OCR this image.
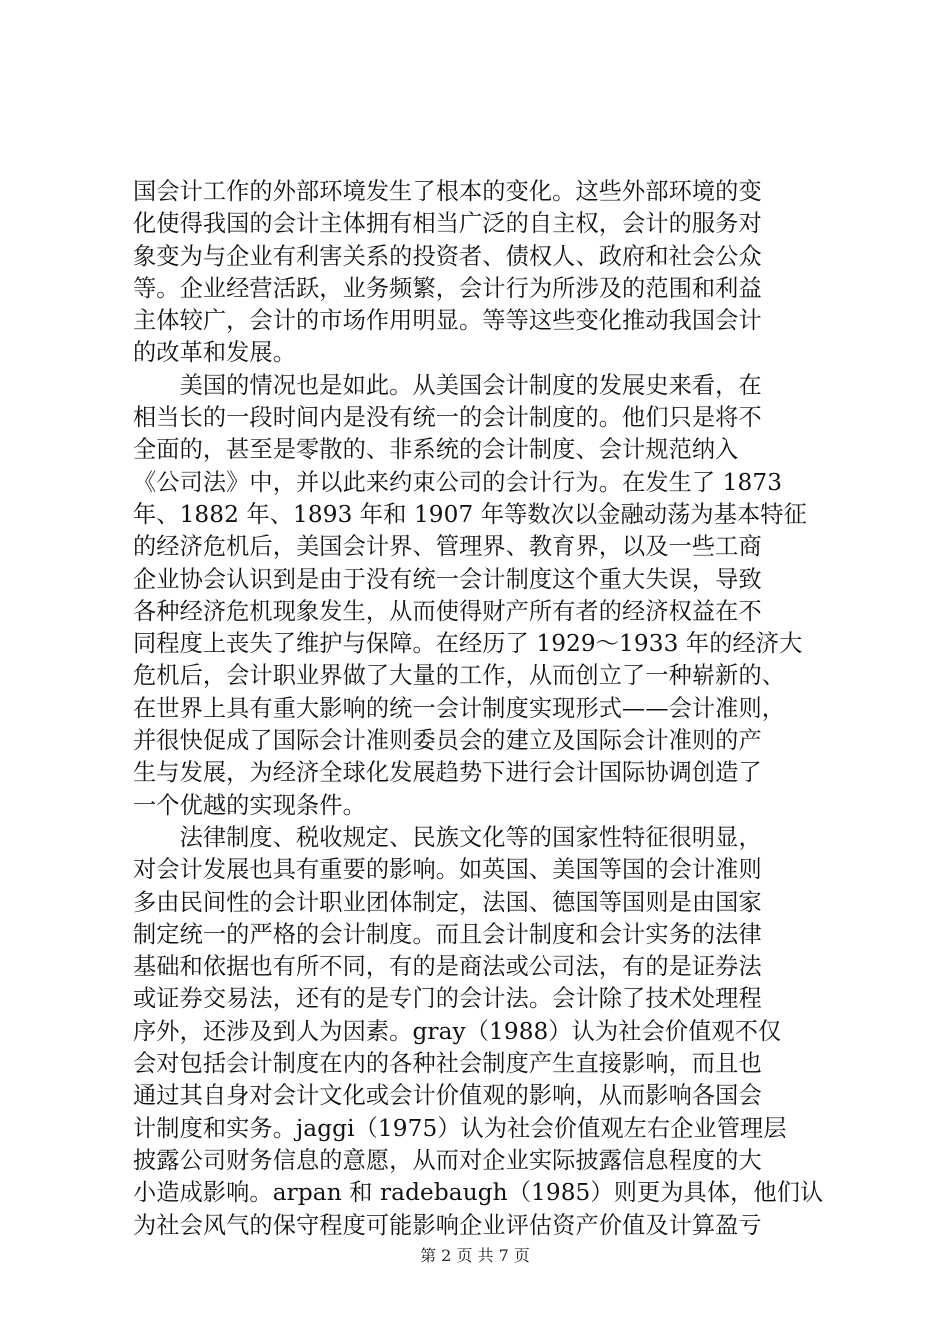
国会计工作的外部环境发生了根本的变化。这些外部环境的变
化使得我国的会计主体拥有相当广泛的自主权，会计的服务对
象变为与企业有利害关系的投资者、债权人、政府和社会公众
等。企业经营活跃，业务频繁，会计行为所涉及的范围和利益
主体较广，会计的市场作用明显。等等这些变化推动我国会计
的改革和发展。
　　美国的情况也是如此。从美国会计制度的发展史来看，在
相当长的一段时间内是没有统一的会计制度的。他们只是将不
全面的，甚至是零散的、非系统的会计制度、会计规范纳入
《公司法》中，并以此来约束公司的会计行为。在发生了 1873
年、1882 年、1893 年和 1907 年等数次以金融动荡为基本特征
的经济危机后，美国会计界、管理界、教育界，以及一些工商
企业协会认识到是由于没有统一会计制度这个重大失误，导致
各种经济危机现象发生，从而使得财产所有者的经济权益在不
同程度上丧失了维护与保障。在经历了 1929～1933 年的经济大
危机后，会计职业界做了大量的工作，从而创立了一种崭新的、
在世界上具有重大影响的统一会计制度实现形式——会计准则，
并很快促成了国际会计准则委员会的建立及国际会计准则的产
生与发展，为经济全球化发展趋势下进行会计国际协调创造了
一个优越的实现条件。
　　法律制度、税收规定、民族文化等的国家性特征很明显，
对会计发展也具有重要的影响。如英国、美国等国的会计准则
多由民间性的会计职业团体制定，法国、德国等国则是由国家
制定统一的严格的会计制度。而且会计制度和会计实务的法律
基础和依据也有所不同，有的是商法或公司法，有的是证券法
或证券交易法，还有的是专门的会计法。会计除了技术处理程
序外，还涉及到人为因素。gray（1988）认为社会价值观不仅
会对包括会计制度在内的各种社会制度产生直接影响，而且也
通过其自身对会计文化或会计价值观的影响，从而影响各国会
计制度和实务。jaggi（1975）认为社会价值观左右企业管理层
披露公司财务信息的意愿，从而对企业实际披露信息程度的大
小造成影响。arpan 和 radebaugh（1985）则更为具体，他们认
为社会风气的保守程度可能影响企业评估资产价值及计算盈亏
第 2 页 共 7 页
